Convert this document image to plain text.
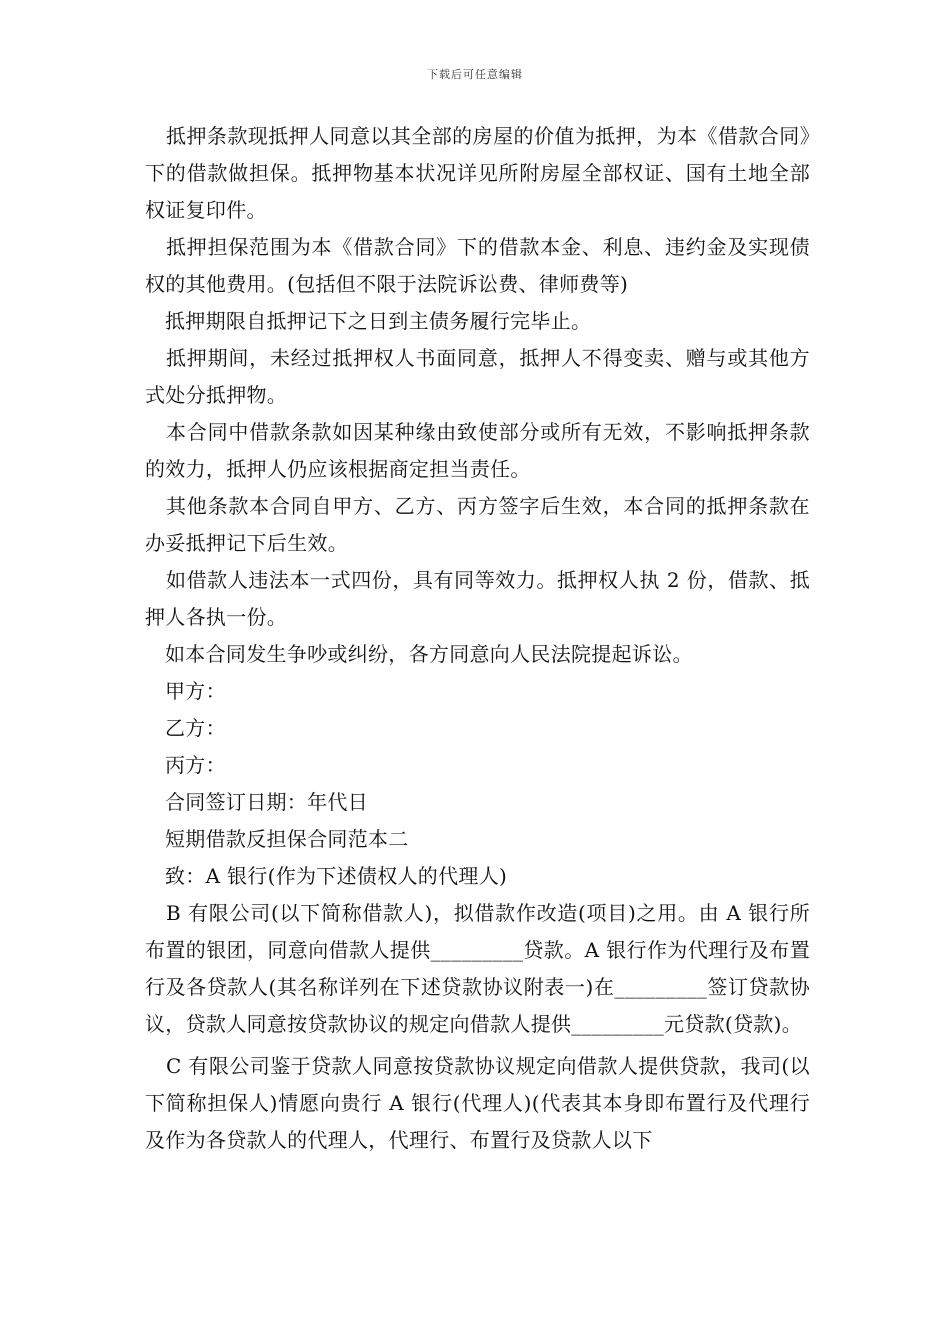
下载后可任意编辑

抵押条款现抵押人同意以其全部的房屋的价值为抵押，为本《借款合同》下的借款做担保。抵押物基本状况详见所附房屋全部权证、国有土地全部权证复印件。

抵押担保范围为本《借款合同》下的借款本金、利息、违约金及实现债权的其他费用。(包括但不限于法院诉讼费、律师费等)

抵押期限自抵押记下之日到主债务履行完毕止。

抵押期间，未经过抵押权人书面同意，抵押人不得变卖、赠与或其他方式处分抵押物。

本合同中借款条款如因某种缘由致使部分或所有无效，不影响抵押条款的效力，抵押人仍应该根据商定担当责任。

其他条款本合同自甲方、乙方、丙方签字后生效，本合同的抵押条款在办妥抵押记下后生效。

如借款人违法本一式四份，具有同等效力。抵押权人执 2 份，借款、抵押人各执一份。

如本合同发生争吵或纠纷，各方同意向人民法院提起诉讼。

甲方：

乙方：

丙方：

合同签订日期：年代日

短期借款反担保合同范本二

致：A 银行(作为下述债权人的代理人)

B 有限公司(以下简称借款人)，拟借款作改造(项目)之用。由 A 银行所布置的银团，同意向借款人提供_________贷款。A 银行作为代理行及布置行及各贷款人(其名称详列在下述贷款协议附表一)在_________签订贷款协议，贷款人同意按贷款协议的规定向借款人提供_________元贷款(贷款)。

C 有限公司鉴于贷款人同意按贷款协议规定向借款人提供贷款，我司(以下简称担保人)情愿向贵行 A 银行(代理人)(代表其本身即布置行及代理行及作为各贷款人的代理人，代理行、布置行及贷款人以下
